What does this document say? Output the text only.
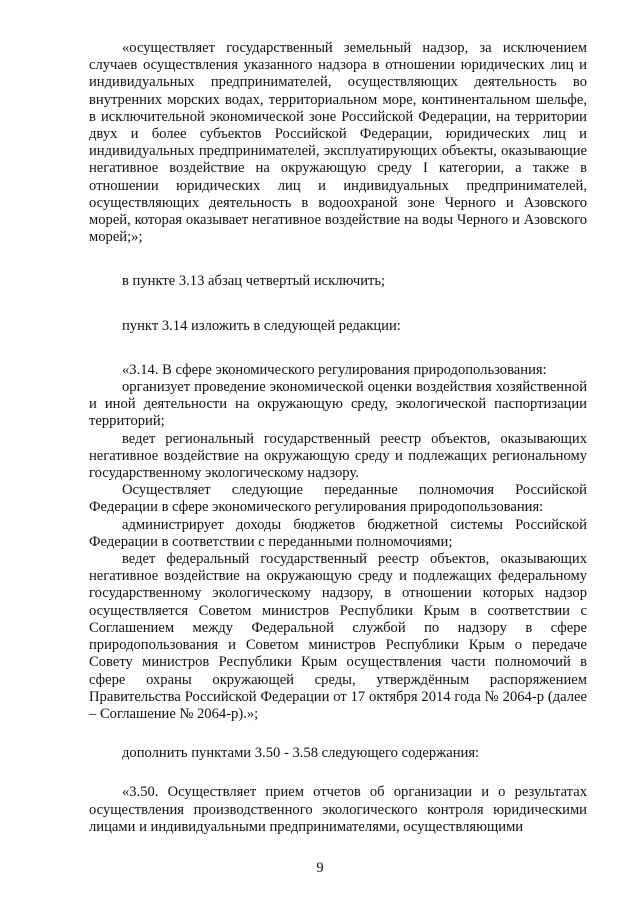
«осуществляет государственный земельный надзор, за исключением случаев осуществления указанного надзора в отношении юридических лиц и индивидуальных предпринимателей, осуществляющих деятельность во внутренних морских водах, территориальном море, континентальном шельфе, в исключительной экономической зоне Российской Федерации, на территории двух и более субъектов Российской Федерации, юридических лиц и индивидуальных предпринимателей, эксплуатирующих объекты, оказывающие негативное воздействие на окружающую среду I категории, а также в отношении юридических лиц и индивидуальных предпринимателей, осуществляющих деятельность в водоохраной зоне Черного и Азовского морей, которая оказывает негативное воздействие на воды Черного и Азовского морей;»;

в пункте 3.13 абзац четвертый исключить;

пункт 3.14 изложить в следующей редакции:

«3.14. В сфере экономического регулирования природопользования:

организует проведение экономической оценки воздействия хозяйственной и иной деятельности на окружающую среду, экологической паспортизации территорий;

ведет региональный государственный реестр объектов, оказывающих негативное воздействие на окружающую среду и подлежащих региональному государственному экологическому надзору.

Осуществляет следующие переданные полномочия Российской Федерации в сфере экономического регулирования природопользования:

администрирует доходы бюджетов бюджетной системы Российской Федерации в соответствии с переданными полномочиями;

ведет федеральный государственный реестр объектов, оказывающих негативное воздействие на окружающую среду и подлежащих федеральному государственному экологическому надзору, в отношении которых надзор осуществляется Советом министров Республики Крым в соответствии с Соглашением между Федеральной службой по надзору в сфере природопользования и Советом министров Республики Крым о передаче Совету министров Республики Крым осуществления части полномочий в сфере охраны окружающей среды, утверждённым распоряжением Правительства Российской Федерации от 17 октября 2014 года № 2064-р (далее – Соглашение № 2064-р).»;

дополнить пунктами 3.50 - 3.58 следующего содержания:

«3.50. Осуществляет прием отчетов об организации и о результатах осуществления производственного экологического контроля юридическими лицами и индивидуальными предпринимателями, осуществляющими

9
